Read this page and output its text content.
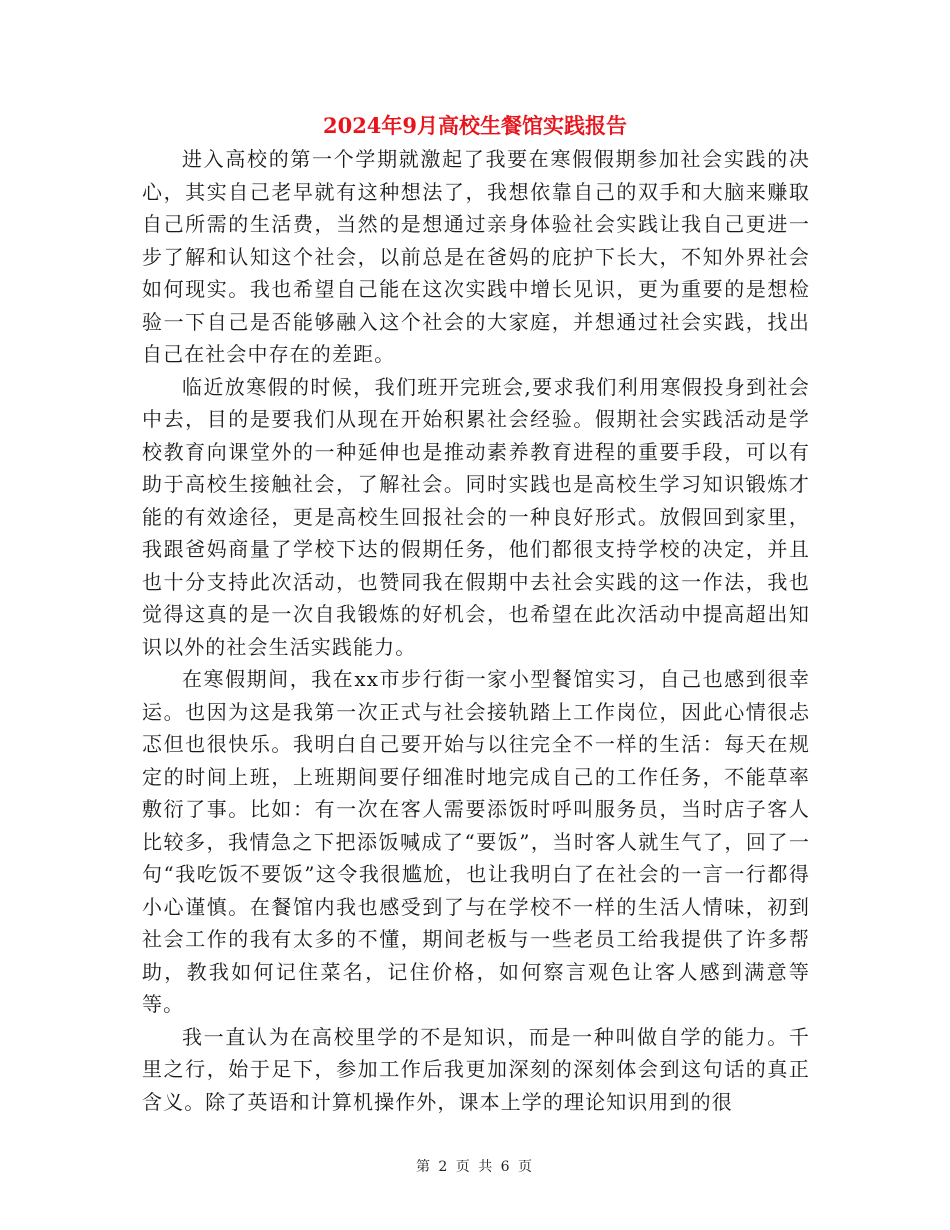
2024年9月高校生餐馆实践报告

进入高校的第一个学期就激起了我要在寒假假期参加社会实践的决心，其实自己老早就有这种想法了，我想依靠自己的双手和大脑来赚取自己所需的生活费，当然的是想通过亲身体验社会实践让我自己更进一步了解和认知这个社会，以前总是在爸妈的庇护下长大，不知外界社会如何现实。我也希望自己能在这次实践中增长见识，更为重要的是想检验一下自己是否能够融入这个社会的大家庭，并想通过社会实践，找出自己在社会中存在的差距。

临近放寒假的时候，我们班开完班会,要求我们利用寒假投身到社会中去，目的是要我们从现在开始积累社会经验。假期社会实践活动是学校教育向课堂外的一种延伸也是推动素养教育进程的重要手段，可以有助于高校生接触社会，了解社会。同时实践也是高校生学习知识锻炼才能的有效途径，更是高校生回报社会的一种良好形式。放假回到家里，我跟爸妈商量了学校下达的假期任务，他们都很支持学校的决定，并且也十分支持此次活动，也赞同我在假期中去社会实践的这一作法，我也觉得这真的是一次自我锻炼的好机会，也希望在此次活动中提高超出知识以外的社会生活实践能力。

在寒假期间，我在xx市步行街一家小型餐馆实习，自己也感到很幸运。也因为这是我第一次正式与社会接轨踏上工作岗位，因此心情很忐忑但也很快乐。我明白自己要开始与以往完全不一样的生活：每天在规定的时间上班，上班期间要仔细准时地完成自己的工作任务，不能草率敷衍了事。比如：有一次在客人需要添饭时呼叫服务员，当时店子客人比较多，我情急之下把添饭喊成了“要饭”，当时客人就生气了，回了一句“我吃饭不要饭”这令我很尴尬，也让我明白了在社会的一言一行都得小心谨慎。在餐馆内我也感受到了与在学校不一样的生活人情味，初到社会工作的我有太多的不懂，期间老板与一些老员工给我提供了许多帮助，教我如何记住菜名，记住价格，如何察言观色让客人感到满意等等。

我一直认为在高校里学的不是知识，而是一种叫做自学的能力。千里之行，始于足下，参加工作后我更加深刻的深刻体会到这句话的真正含义。除了英语和计算机操作外，课本上学的理论知识用到的很

第 2 页 共 6 页
